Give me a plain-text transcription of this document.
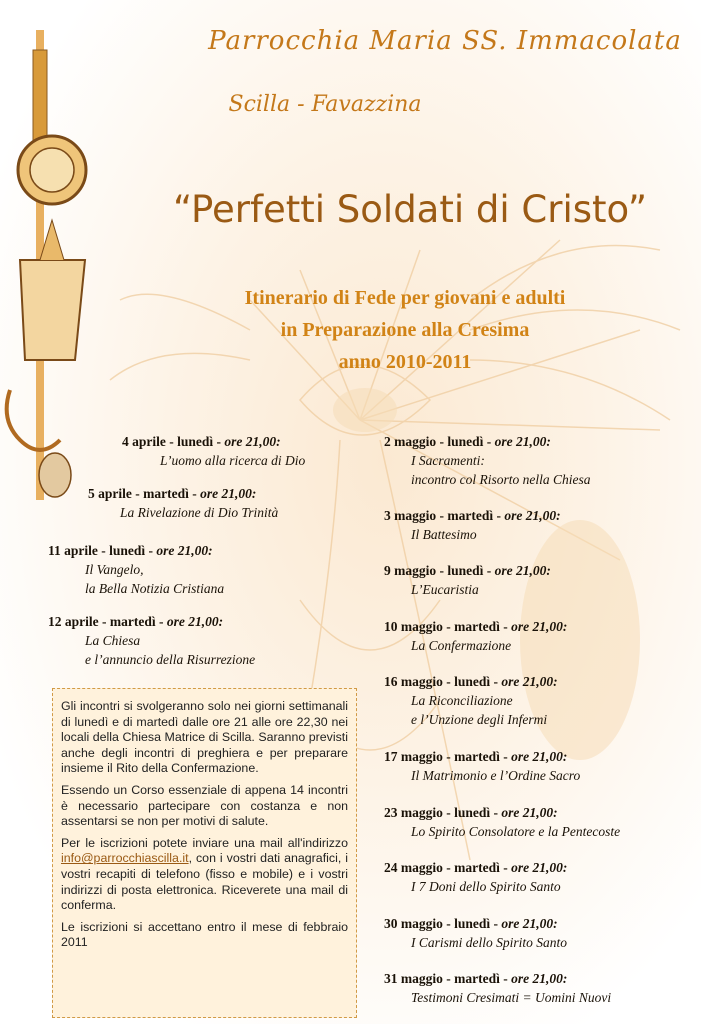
Parrocchia Maria SS. Immacolata
Scilla - Favazzina
“Perfetti Soldati di Cristo”
Itinerario di Fede per giovani e adulti
in Preparazione alla Cresima
anno 2010-2011
4 aprile - lunedì - ore 21,00:
L’uomo alla ricerca di Dio
5 aprile - martedì - ore 21,00:
La Rivelazione di Dio Trinità
11 aprile - lunedì - ore 21,00:
Il Vangelo,
la Bella Notizia Cristiana
12 aprile - martedì - ore 21,00:
La Chiesa
e l’annuncio della Risurrezione
2 maggio - lunedì - ore 21,00:
I Sacramenti:
incontro col Risorto nella Chiesa
3 maggio - martedì - ore 21,00:
Il Battesimo
9 maggio - lunedì - ore 21,00:
L’Eucaristia
10 maggio - martedì - ore 21,00:
La Confermazione
16 maggio - lunedì - ore 21,00:
La Riconciliazione
e l’Unzione degli Infermi
17 maggio - martedì - ore 21,00:
Il Matrimonio e l’Ordine Sacro
23 maggio - lunedì - ore 21,00:
Lo Spirito Consolatore e la Pentecoste
24 maggio - martedì - ore 21,00:
I 7 Doni dello Spirito Santo
30 maggio - lunedì - ore 21,00:
I Carismi dello Spirito Santo
31 maggio - martedì - ore 21,00:
Testimoni Cresimati = Uomini Nuovi

Gli incontri si svolgeranno solo nei giorni settimanali di lunedì e di martedì dalle ore 21 alle ore 22,30 nei locali della Chiesa Matrice di Scilla. Saranno previsti anche degli incontri di preghiera e per preparare insieme il Rito della Confermazione.

Essendo un Corso essenziale di appena 14 incontri è necessario partecipare con costanza e non assentarsi se non per motivi di salute.

Per le iscrizioni potete inviare una mail all'indirizzo info@parrocchiascilla.it, con i vostri dati anagrafici, i vostri recapiti di telefono (fisso e mobile) e i vostri indirizzi di posta elettronica. Riceverete una mail di conferma.

Le iscrizioni si accettano entro il mese di febbraio 2011
